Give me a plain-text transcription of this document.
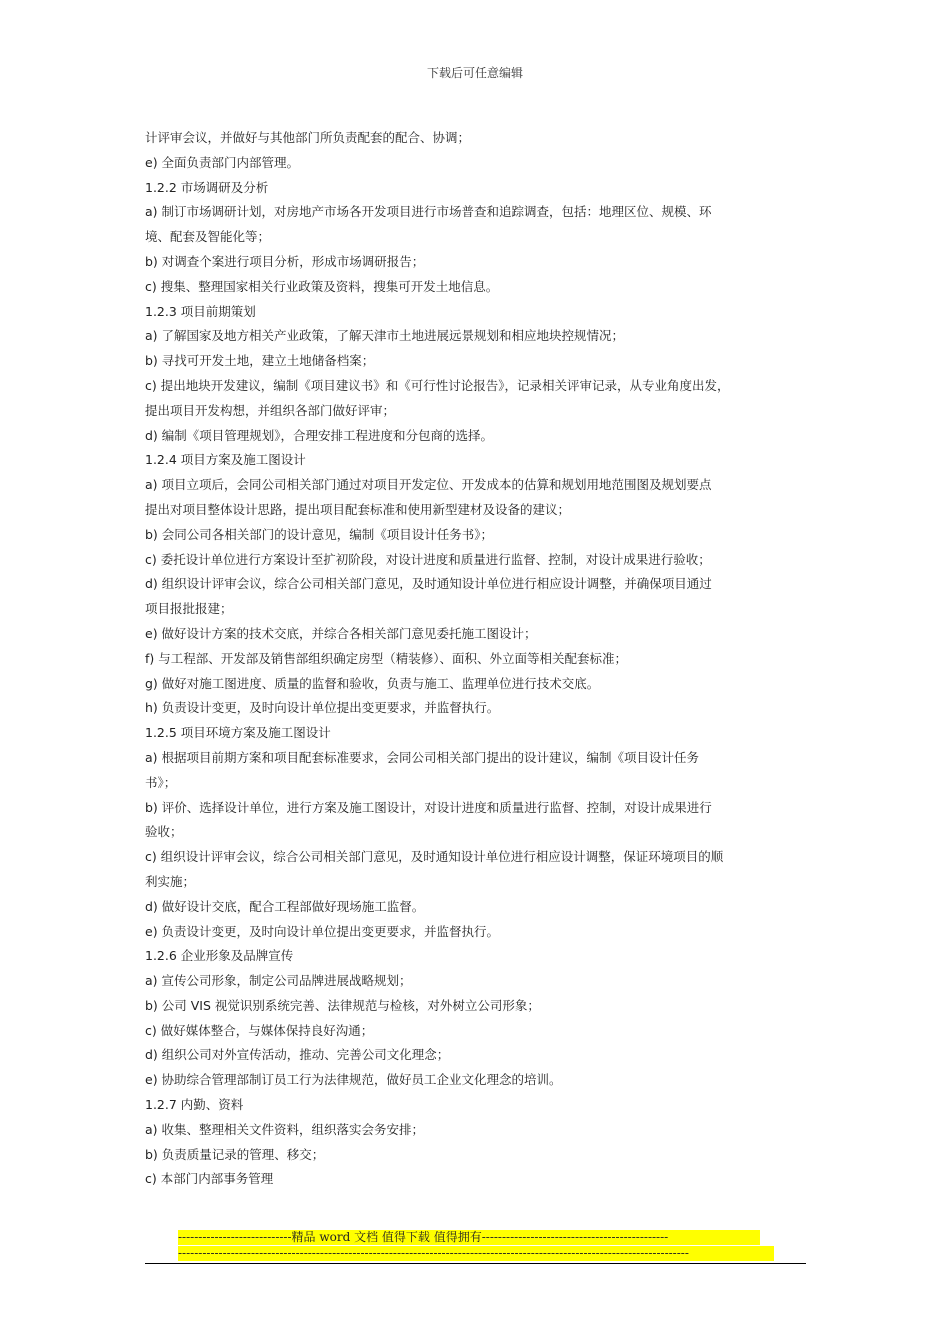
下载后可任意编辑
计评审会议，并做好与其他部门所负责配套的配合、协调；
e) 全面负责部门内部管理。
1.2.2 市场调研及分析
a) 制订市场调研计划，对房地产市场各开发项目进行市场普查和追踪调查，包括：地理区位、规模、环
境、配套及智能化等；
b) 对调查个案进行项目分析，形成市场调研报告；
c) 搜集、整理国家相关行业政策及资料，搜集可开发土地信息。
1.2.3 项目前期策划
a) 了解国家及地方相关产业政策，了解天津市土地进展远景规划和相应地块控规情况；
b) 寻找可开发土地，建立土地储备档案；
c) 提出地块开发建议，编制《项目建议书》和《可行性讨论报告》，记录相关评审记录，从专业角度出发，
提出项目开发构想，并组织各部门做好评审；
d) 编制《项目管理规划》，合理安排工程进度和分包商的选择。
1.2.4 项目方案及施工图设计
a) 项目立项后，会同公司相关部门通过对项目开发定位、开发成本的估算和规划用地范围图及规划要点
提出对项目整体设计思路，提出项目配套标准和使用新型建材及设备的建议；
b) 会同公司各相关部门的设计意见，编制《项目设计任务书》；
c) 委托设计单位进行方案设计至扩初阶段，对设计进度和质量进行监督、控制，对设计成果进行验收；
d) 组织设计评审会议，综合公司相关部门意见，及时通知设计单位进行相应设计调整，并确保项目通过
项目报批报建；
e) 做好设计方案的技术交底，并综合各相关部门意见委托施工图设计；
f) 与工程部、开发部及销售部组织确定房型（精装修）、面积、外立面等相关配套标准；
g) 做好对施工图进度、质量的监督和验收，负责与施工、监理单位进行技术交底。
h) 负责设计变更，及时向设计单位提出变更要求，并监督执行。
1.2.5 项目环境方案及施工图设计
a) 根据项目前期方案和项目配套标准要求，会同公司相关部门提出的设计建议，编制《项目设计任务
书》；
b) 评价、选择设计单位，进行方案及施工图设计，对设计进度和质量进行监督、控制，对设计成果进行
验收；
c) 组织设计评审会议，综合公司相关部门意见，及时通知设计单位进行相应设计调整，保证环境项目的顺
利实施；
d) 做好设计交底，配合工程部做好现场施工监督。
e) 负责设计变更，及时向设计单位提出变更要求，并监督执行。
1.2.6 企业形象及品牌宣传
a) 宣传公司形象，制定公司品牌进展战略规划；
b) 公司 VIS 视觉识别系统完善、法律规范与检核，对外树立公司形象；
c) 做好媒体整合，与媒体保持良好沟通；
d) 组织公司对外宣传活动，推动、完善公司文化理念；
e) 协助综合管理部制订员工行为法律规范，做好员工企业文化理念的培训。
1.2.7 内勤、资料
a) 收集、整理相关文件资料，组织落实会务安排；
b) 负责质量记录的管理、移交；
c) 本部门内部事务管理
----------------------------精品 word 文档 值得下载 值得拥有----------------------------------------------
------------------------------------------------------------------------------------------------------------------------------
